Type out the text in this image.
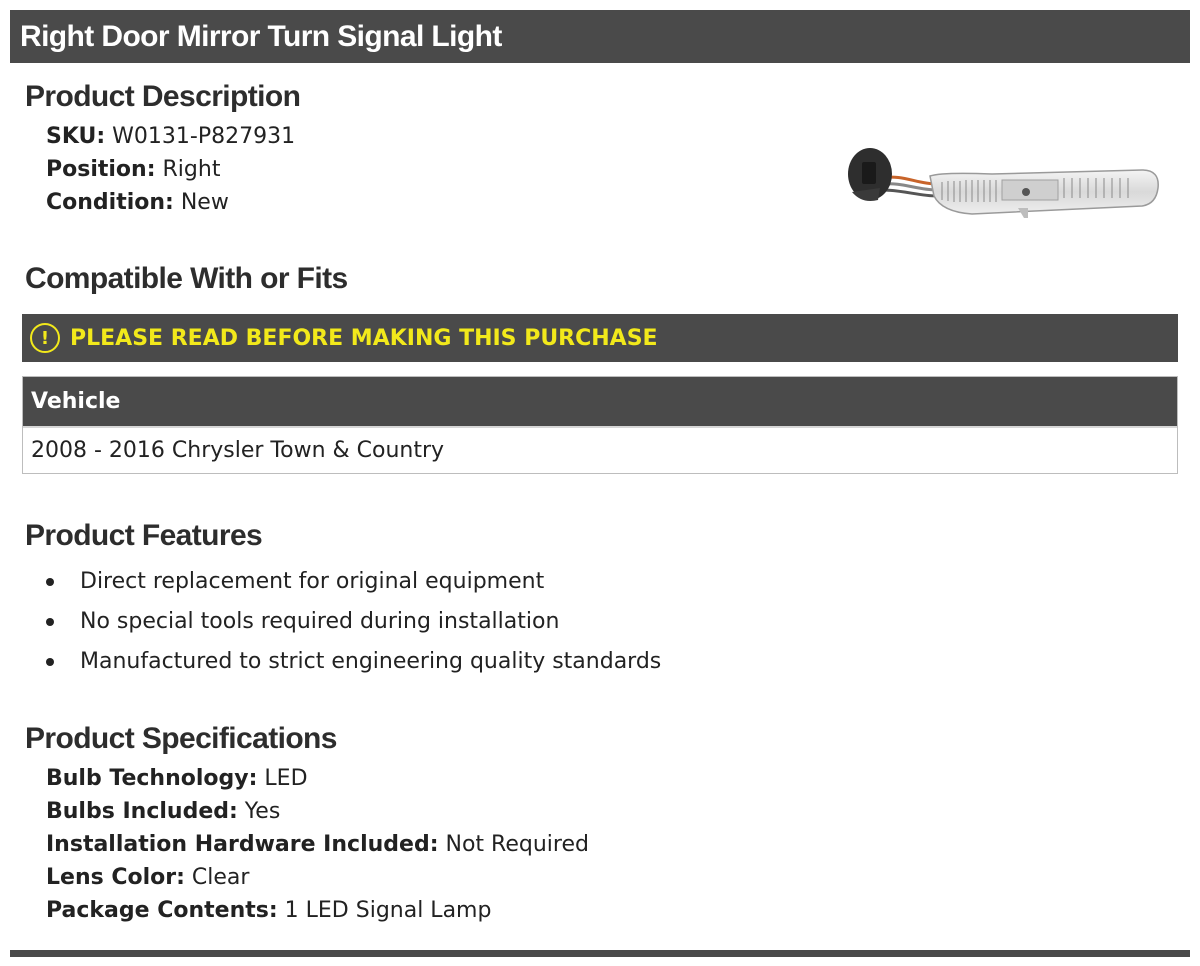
Right Door Mirror Turn Signal Light
Product Description
SKU: W0131-P827931
Position: Right
Condition: New
Compatible With or Fits
! PLEASE READ BEFORE MAKING THIS PURCHASE
Vehicle
2008 - 2016 Chrysler Town & Country
Product Features
Direct replacement for original equipment
No special tools required during installation
Manufactured to strict engineering quality standards
Product Specifications
Bulb Technology: LED
Bulbs Included: Yes
Installation Hardware Included: Not Required
Lens Color: Clear
Package Contents: 1 LED Signal Lamp
